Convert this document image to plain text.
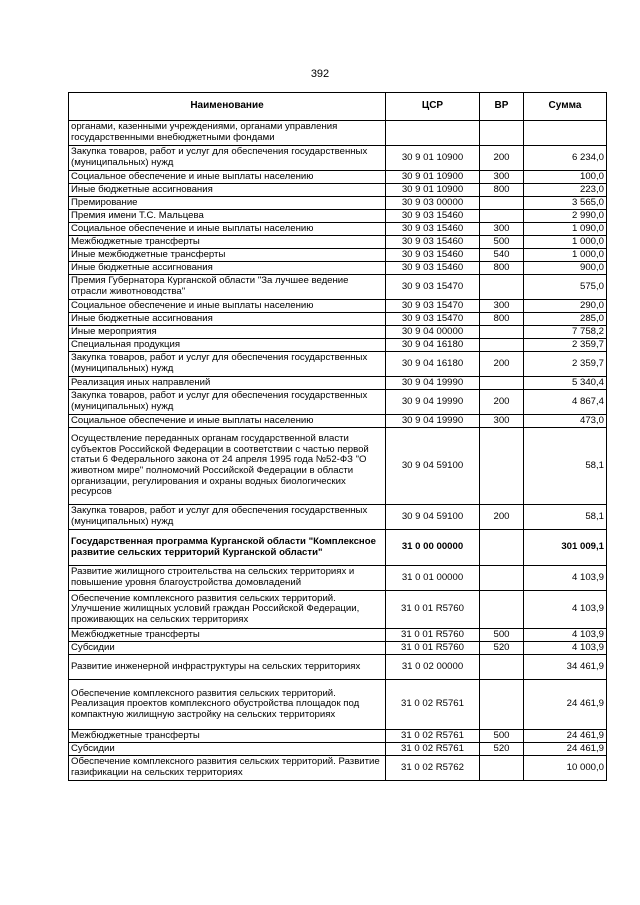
392
Наименование	ЦСР	ВР	Сумма
органами, казенными учреждениями, органами управления государственными внебюджетными фондами			
Закупка товаров, работ и услуг для обеспечения государственных (муниципальных) нужд	30 9 01 10900	200	6 234,0
Социальное обеспечение и иные выплаты населению	30 9 01 10900	300	100,0
Иные бюджетные ассигнования	30 9 01 10900	800	223,0
Премирование	30 9 03 00000		3 565,0
Премия имени Т.С. Мальцева	30 9 03 15460		2 990,0
Социальное обеспечение и иные выплаты населению	30 9 03 15460	300	1 090,0
Межбюджетные трансферты	30 9 03 15460	500	1 000,0
Иные межбюджетные трансферты	30 9 03 15460	540	1 000,0
Иные бюджетные ассигнования	30 9 03 15460	800	900,0
Премия Губернатора Курганской области "За лучшее ведение отрасли животноводства"	30 9 03 15470		575,0
Социальное обеспечение и иные выплаты населению	30 9 03 15470	300	290,0
Иные бюджетные ассигнования	30 9 03 15470	800	285,0
Иные мероприятия	30 9 04 00000		7 758,2
Специальная продукция	30 9 04 16180		2 359,7
Закупка товаров, работ и услуг для обеспечения государственных (муниципальных) нужд	30 9 04 16180	200	2 359,7
Реализация иных направлений	30 9 04 19990		5 340,4
Закупка товаров, работ и услуг для обеспечения государственных (муниципальных) нужд	30 9 04 19990	200	4 867,4
Социальное обеспечение и иные выплаты населению	30 9 04 19990	300	473,0
Осуществление переданных органам государственной власти субъектов Российской Федерации в соответствии с частью первой статьи 6 Федерального закона от 24 апреля 1995 года №52-ФЗ "О животном мире" полномочий Российской Федерации в области организации, регулирования и охраны водных биологических ресурсов	30 9 04 59100		58,1
Закупка товаров, работ и услуг для обеспечения государственных (муниципальных) нужд	30 9 04 59100	200	58,1
Государственная программа Курганской области "Комплексное развитие сельских территорий Курганской области"	31 0 00 00000		301 009,1
Развитие жилищного строительства на сельских территориях и повышение уровня благоустройства домовладений	31 0 01 00000		4 103,9
Обеспечение комплексного развития сельских территорий. Улучшение жилищных условий граждан Российской Федерации, проживающих на сельских территориях	31 0 01 R5760		4 103,9
Межбюджетные трансферты	31 0 01 R5760	500	4 103,9
Субсидии	31 0 01 R5760	520	4 103,9
Развитие инженерной инфраструктуры на сельских территориях	31 0 02 00000		34 461,9
Обеспечение комплексного развития сельских территорий. Реализация проектов комплексного обустройства площадок под компактную жилищную застройку на сельских территориях	31 0 02 R5761		24 461,9
Межбюджетные трансферты	31 0 02 R5761	500	24 461,9
Субсидии	31 0 02 R5761	520	24 461,9
Обеспечение комплексного развития сельских территорий. Развитие газификации на сельских территориях	31 0 02 R5762		10 000,0
